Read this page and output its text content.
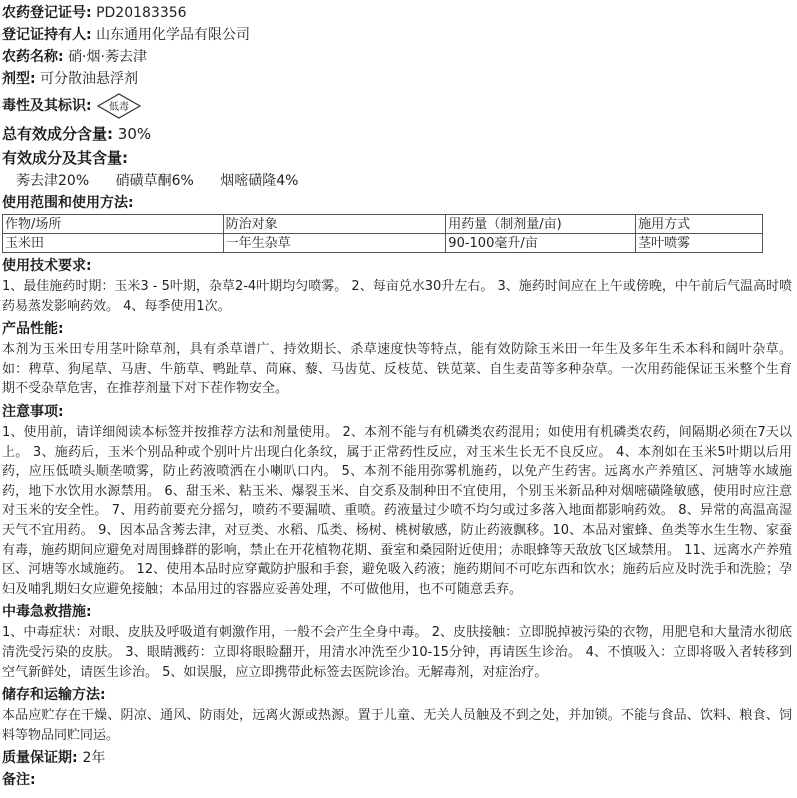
农药登记证号: PD20183356
登记证持有人: 山东通用化学品有限公司
农药名称: 硝·烟·莠去津
剂型: 可分散油悬浮剂
毒性及其标识: 低毒
总有效成分含量: 30%
有效成分及其含量:
莠去津20% 硝磺草酮6% 烟嘧磺隆4%
使用范围和使用方法:
作物/场所	防治对象	用药量（制剂量/亩)	施用方式
玉米田	一年生杂草	90-100毫升/亩	茎叶喷雾
使用技术要求:
1、最佳施药时期：玉米3 - 5叶期，杂草2-4叶期均匀喷雾。 2、每亩兑水30升左右。 3、施药时间应在上午或傍晚，中午前后气温高时喷药易蒸发影响药效。 4、每季使用1次。
产品性能:
本剂为玉米田专用茎叶除草剂，具有杀草谱广、持效期长、杀草速度快等特点，能有效防除玉米田一年生及多年生禾本科和阔叶杂草。如：稗草、狗尾草、马唐、牛筋草、鸭趾草、苘麻、藜、马齿苋、反枝苋、铁苋菜、自生麦苗等多种杂草。一次用药能保证玉米整个生育期不受杂草危害，在推荐剂量下对下茬作物安全。
注意事项:
1、使用前，请详细阅读本标签并按推荐方法和剂量使用。 2、本剂不能与有机磷类农药混用；如使用有机磷类农药，间隔期必须在7天以上。 3、施药后，玉米个别品种或个别叶片出现白化条纹，属于正常药性反应，对玉米生长无不良反应。 4、本剂如在玉米5叶期以后用药，应压低喷头顺垄喷雾，防止药液喷洒在小喇叭口内。 5、本剂不能用弥雾机施药，以免产生药害。远离水产养殖区、河塘等水域施药，地下水饮用水源禁用。 6、甜玉米、粘玉米、爆裂玉米、自交系及制种田不宜使用，个别玉米新品种对烟嘧磺隆敏感，使用时应注意对玉米的安全性。 7、用药前要充分摇匀，喷药不要漏喷、重喷。药液量过少喷不均匀或过多落入地面都影响药效。 8、异常的高温高湿天气不宜用药。 9、因本品含莠去津，对豆类、水稻、瓜类、杨树、桃树敏感，防止药液飘移。10、本品对蜜蜂、鱼类等水生生物、家蚕有毒，施药期间应避免对周围蜂群的影响，禁止在开花植物花期、蚕室和桑园附近使用；赤眼蜂等天敌放飞区域禁用。 11、远离水产养殖区、河塘等水域施药。 12、使用本品时应穿戴防护服和手套，避免吸入药液；施药期间不可吃东西和饮水；施药后应及时洗手和洗脸；孕妇及哺乳期妇女应避免接触；本品用过的容器应妥善处理，不可做他用，也不可随意丢弃。
中毒急救措施:
1、中毒症状：对眼、皮肤及呼吸道有刺激作用，一般不会产生全身中毒。 2、皮肤接触：立即脱掉被污染的衣物，用肥皂和大量清水彻底清洗受污染的皮肤。 3、眼睛溅药：立即将眼睑翻开，用清水冲洗至少10-15分钟，再请医生诊治。 4、不慎吸入：立即将吸入者转移到空气新鲜处，请医生诊治。 5、如误服，应立即携带此标签去医院诊治。无解毒剂，对症治疗。
储存和运输方法:
本品应贮存在干燥、阴凉、通风、防雨处，远离火源或热源。置于儿童、无关人员触及不到之处，并加锁。不能与食品、饮料、粮食、饲料等物品同贮同运。
质量保证期: 2年
备注:
